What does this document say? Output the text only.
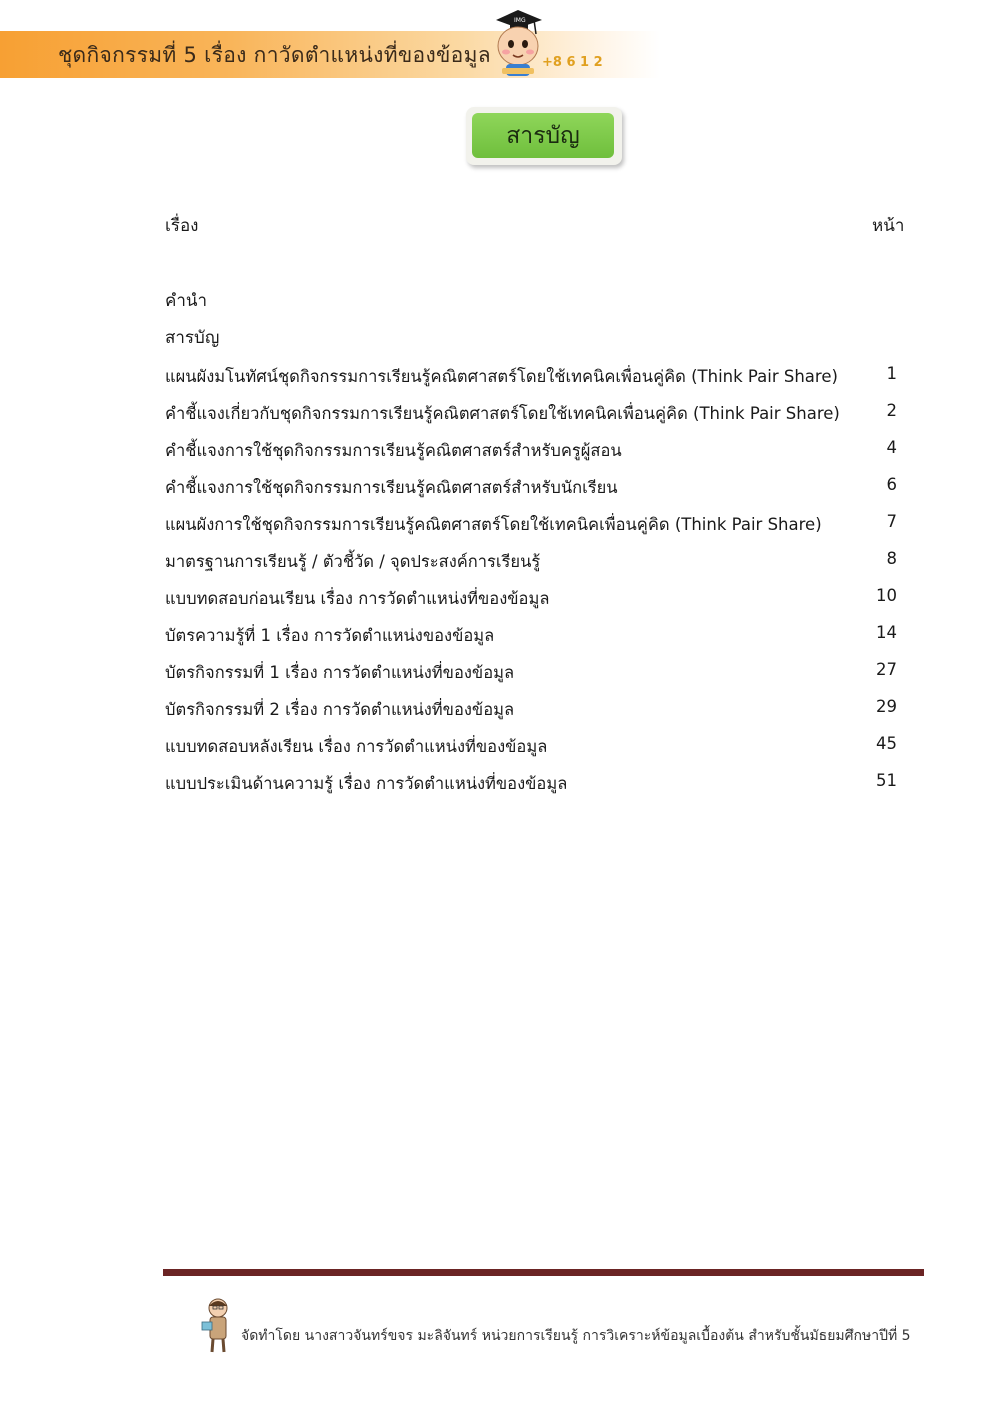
ชุดกิจกรรมที่ 5 เรื่อง กาวัดตำแหน่งที่ของข้อมูล
IMG
+8 6 1 2
สารบัญ
เรื่อง	หน้า
คำนำ
สารบัญ
แผนผังมโนทัศน์ชุดกิจกรรมการเรียนรู้คณิตศาสตร์โดยใช้เทคนิคเพื่อนคู่คิด (Think Pair Share)	1
คำชี้แจงเกี่ยวกับชุดกิจกรรมการเรียนรู้คณิตศาสตร์โดยใช้เทคนิคเพื่อนคู่คิด (Think Pair Share)	2
คำชี้แจงการใช้ชุดกิจกรรมการเรียนรู้คณิตศาสตร์สำหรับครูผู้สอน	4
คำชี้แจงการใช้ชุดกิจกรรมการเรียนรู้คณิตศาสตร์สำหรับนักเรียน	6
แผนผังการใช้ชุดกิจกรรมการเรียนรู้คณิตศาสตร์โดยใช้เทคนิคเพื่อนคู่คิด (Think Pair Share)	7
มาตรฐานการเรียนรู้ / ตัวชี้วัด / จุดประสงค์การเรียนรู้	8
แบบทดสอบก่อนเรียน เรื่อง การวัดตำแหน่งที่ของข้อมูล	10
บัตรความรู้ที่ 1 เรื่อง การวัดตำแหน่งของข้อมูล	14
บัตรกิจกรรมที่ 1 เรื่อง การวัดตำแหน่งที่ของข้อมูล	27
บัตรกิจกรรมที่ 2 เรื่อง การวัดตำแหน่งที่ของข้อมูล	29
แบบทดสอบหลังเรียน เรื่อง การวัดตำแหน่งที่ของข้อมูล	45
แบบประเมินด้านความรู้ เรื่อง การวัดตำแหน่งที่ของข้อมูล	51
จัดทำโดย นางสาวจันทร์ขจร มะลิจันทร์ หน่วยการเรียนรู้ การวิเคราะห์ข้อมูลเบื้องต้น สำหรับชั้นมัธยมศึกษาปีที่ 5
